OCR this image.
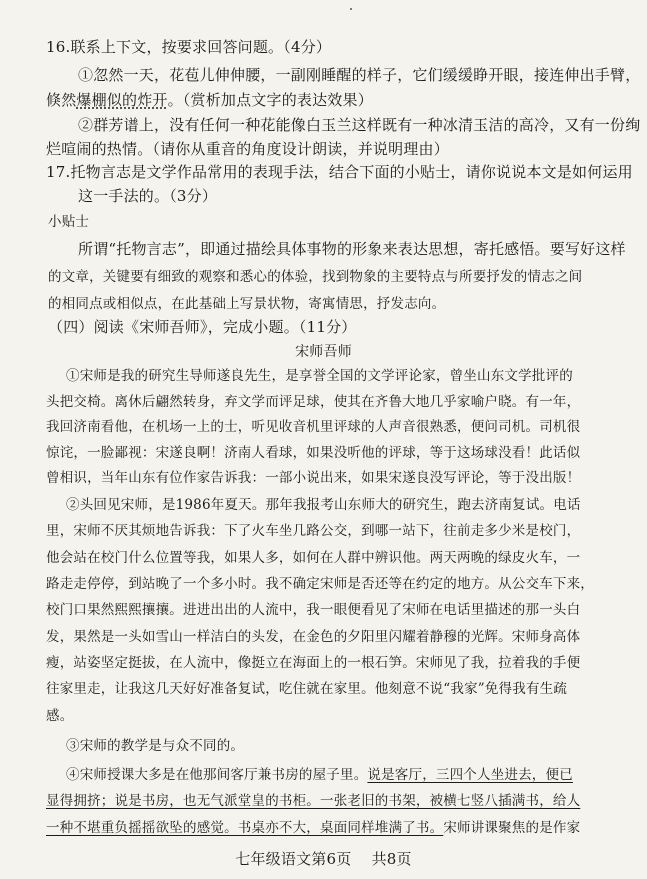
16.联系上下文，按要求回答问题。（4分）
①忽然一天，花苞儿伸伸腰，一副刚睡醒的样子，它们缓缓睁开眼，接连伸出手臂，
倏然爆棚似的炸开。（赏析加点文字的表达效果）
②群芳谱上，没有任何一种花能像白玉兰这样既有一种冰清玉洁的高冷，又有一份绚
烂喧闹的热情。（请你从重音的角度设计朗读，并说明理由）
17.托物言志是文学作品常用的表现手法，结合下面的小贴士，请你说说本文是如何运用
这一手法的。（3分）
小贴士
所谓“托物言志”，即通过描绘具体事物的形象来表达思想，寄托感悟。要写好这样
的文章，关键要有细致的观察和悉心的体验，找到物象的主要特点与所要抒发的情志之间
的相同点或相似点，在此基础上写景状物，寄寓情思，抒发志向。
（四）阅读《宋师吾师》，完成小题。（11分）
宋师吾师
①宋师是我的研究生导师遂良先生，是享誉全国的文学评论家，曾坐山东文学批评的
头把交椅。离休后翩然转身，弃文学而评足球，使其在齐鲁大地几乎家喻户晓。有一年，
我回济南看他，在机场一上的士，听见收音机里评球的人声音很熟悉，便问司机。司机很
惊诧，一脸鄙视：宋遂良啊！济南人看球，如果没听他的评球，等于这场球没看！此话似
曾相识，当年山东有位作家告诉我：一部小说出来，如果宋遂良没写评论，等于没出版！
②头回见宋师，是1986年夏天。那年我报考山东师大的研究生，跑去济南复试。电话
里，宋师不厌其烦地告诉我：下了火车坐几路公交，到哪一站下，往前走多少米是校门，
他会站在校门什么位置等我，如果人多，如何在人群中辨识他。两天两晚的绿皮火车，一
路走走停停，到站晚了一个多小时。我不确定宋师是否还等在约定的地方。从公交车下来，
校门口果然熙熙攘攘。进进出出的人流中，我一眼便看见了宋师在电话里描述的那一头白
发，果然是一头如雪山一样洁白的头发，在金色的夕阳里闪耀着静穆的光辉。宋师身高体
瘦，站姿坚定挺拔，在人流中，像挺立在海面上的一根石笋。宋师见了我，拉着我的手便
往家里走，让我这几天好好准备复试，吃住就在家里。他刻意不说“我家”免得我有生疏
感。
③宋师的教学是与众不同的。
④宋师授课大多是在他那间客厅兼书房的屋子里。说是客厅，三四个人坐进去，便已
显得拥挤；说是书房，也无气派堂皇的书柜。一张老旧的书架，被横七竖八插满书，给人
一种不堪重负摇摇欲坠的感觉。书桌亦不大，桌面同样堆满了书。宋师讲课聚焦的是作家
七年级语文第6页　 共8页
